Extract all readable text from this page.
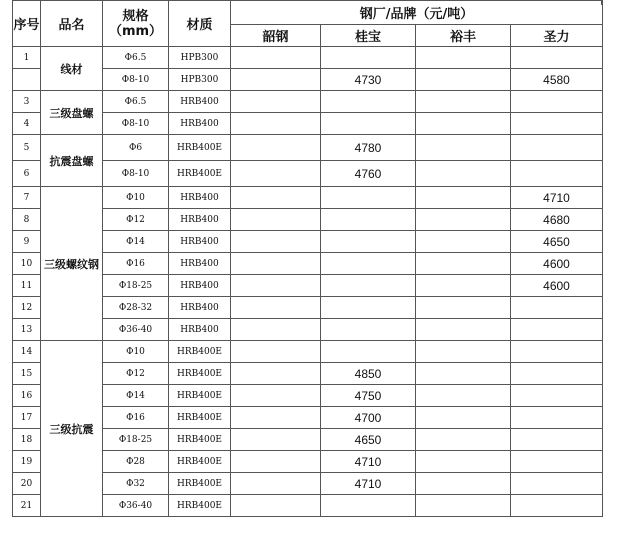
序号	品名	规格
（mm）	材质	钢厂/品牌（元/吨）			
				韶钢	桂宝	裕丰	圣力
1	线材	Φ6.5	HPB300				
		Φ8-10	HPB300		4730		4580
3	三级盘螺	Φ6.5	HRB400				
4		Φ8-10	HRB400				
5	抗震盘螺	Φ6	HRB400E		4780		
6		Φ8-10	HRB400E		4760		
7	三级螺纹钢	Φ10	HRB400				4710
8		Φ12	HRB400				4680
9		Φ14	HRB400				4650
10		Φ16	HRB400				4600
11		Φ18-25	HRB400				4600
12		Φ28-32	HRB400				
13		Φ36-40	HRB400				
14	三级抗震	Φ10	HRB400E				
15		Φ12	HRB400E		4850		
16		Φ14	HRB400E		4750		
17		Φ16	HRB400E		4700		
18		Φ18-25	HRB400E		4650		
19		Φ28	HRB400E		4710		
20		Φ32	HRB400E		4710		
21		Φ36-40	HRB400E				
